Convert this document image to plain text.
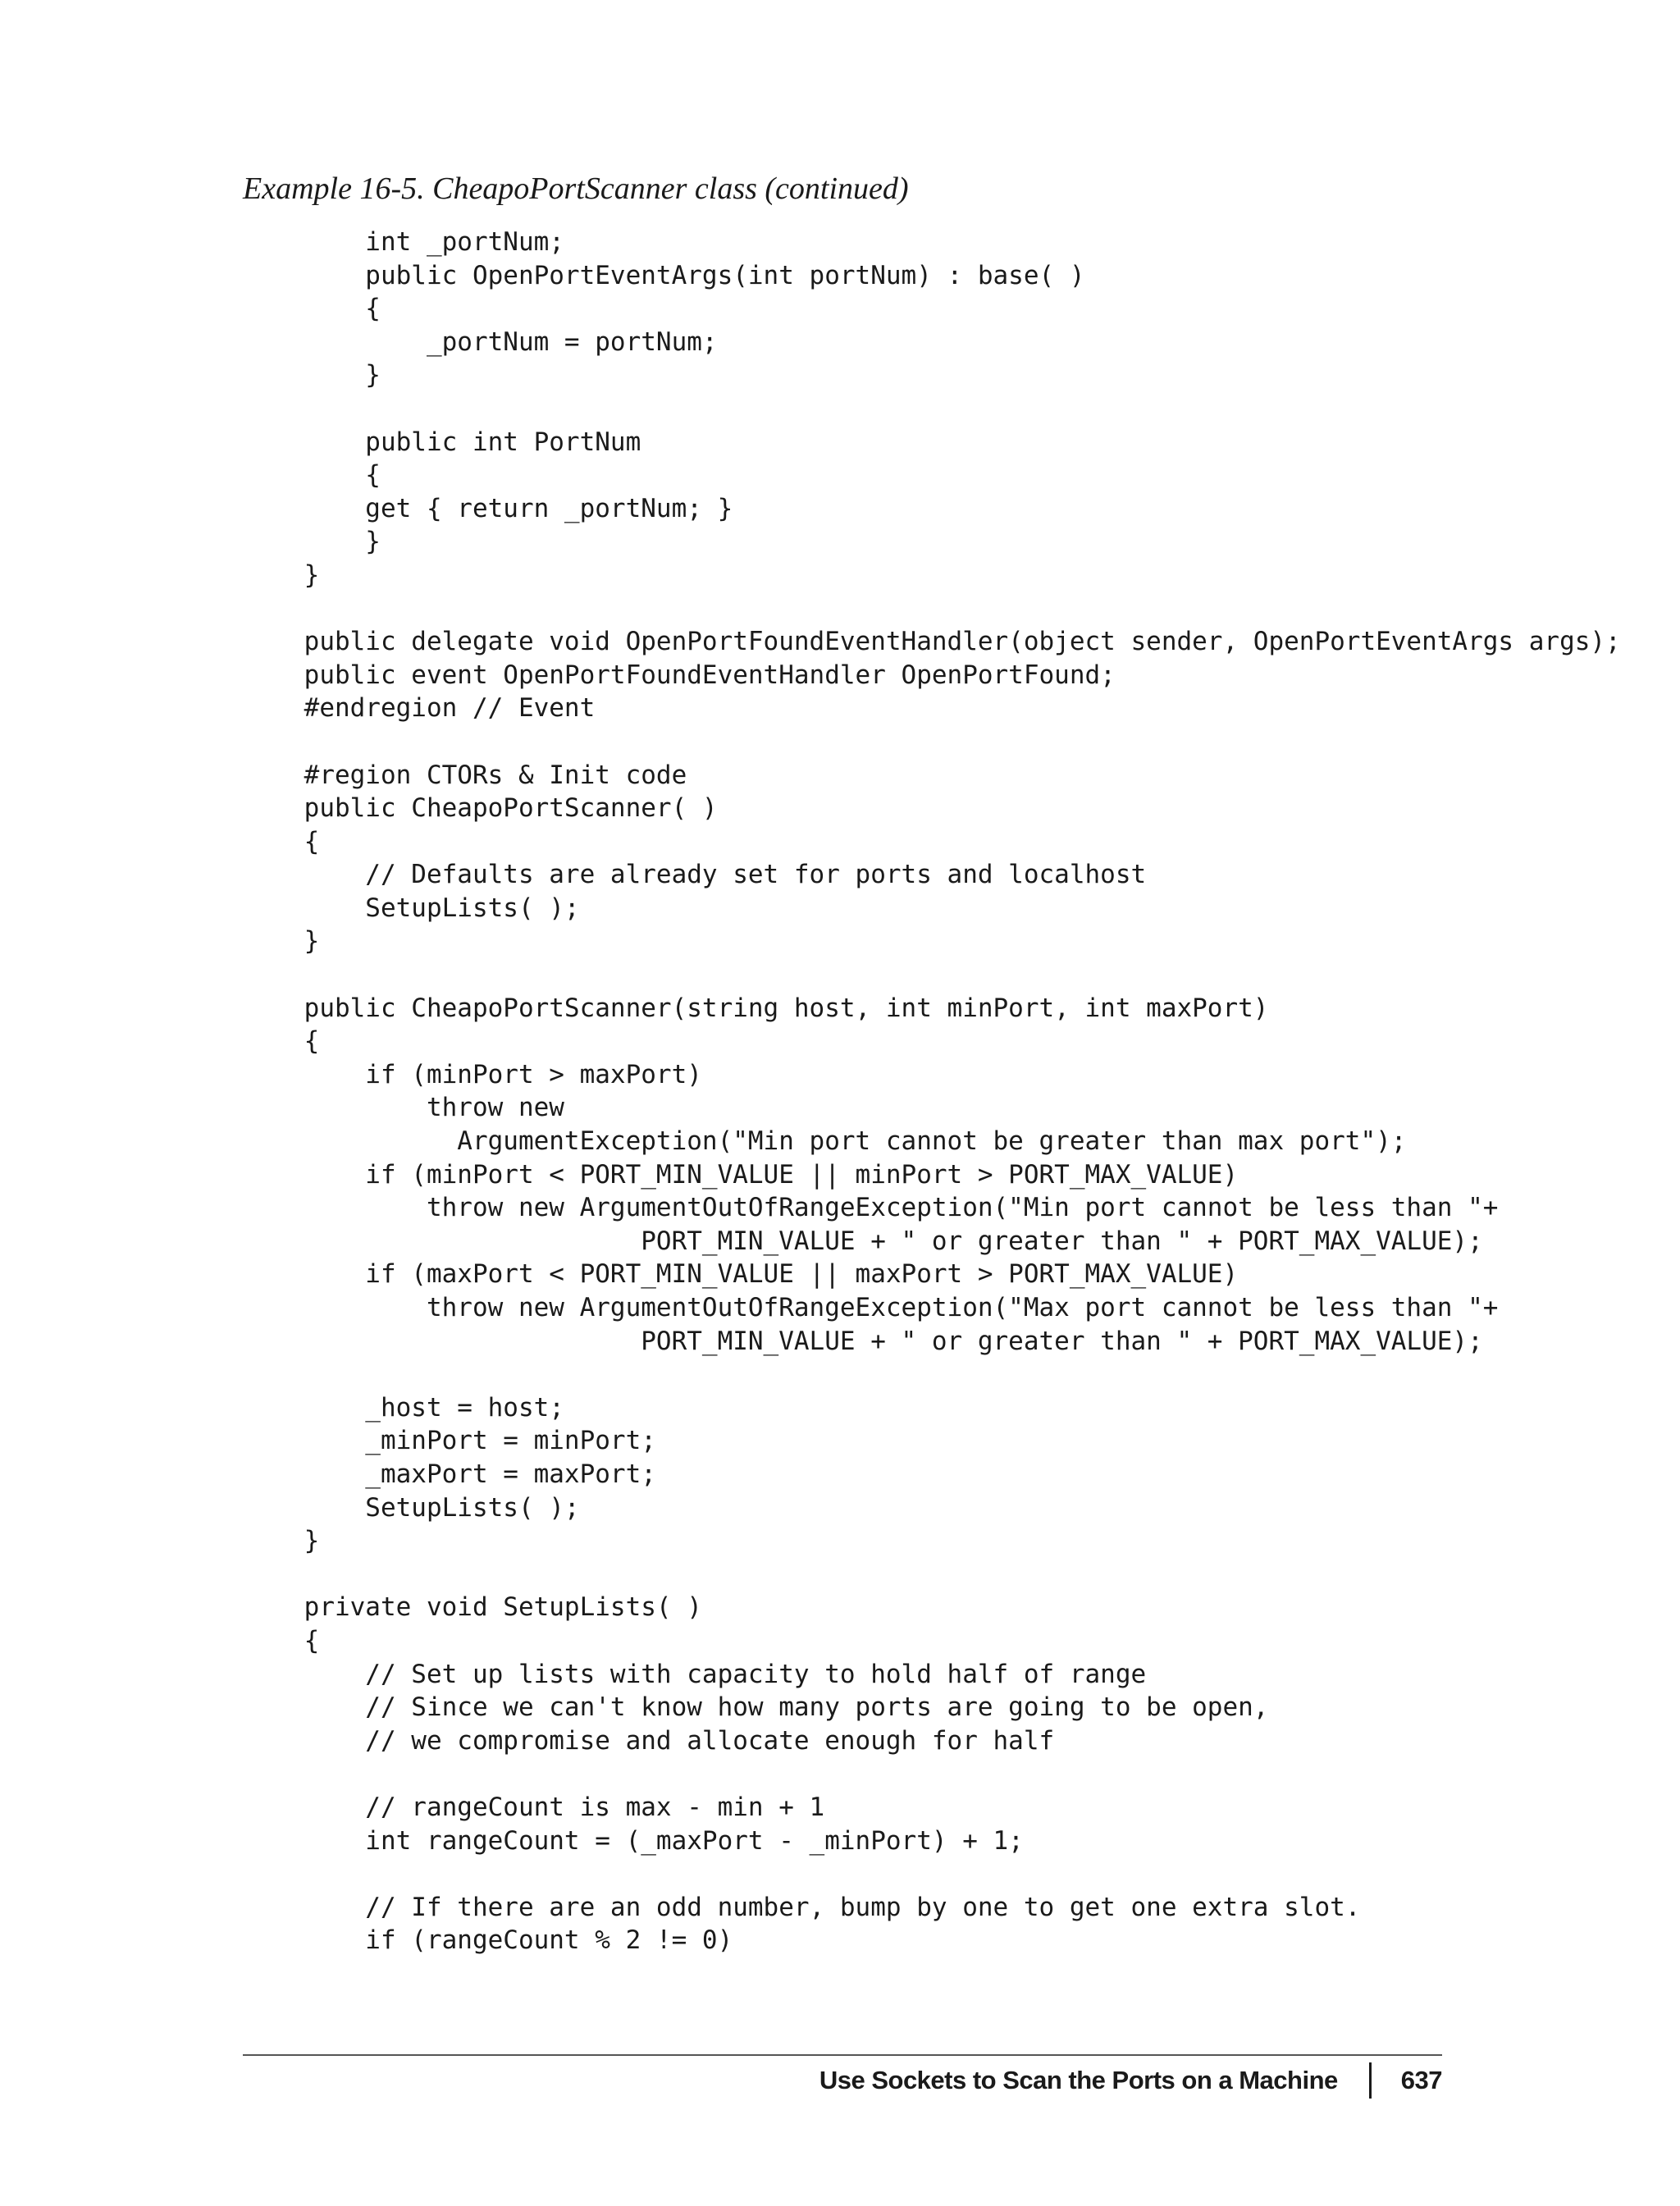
Example 16-5. CheapoPortScanner class (continued)

int _portNum;
public OpenPortEventArgs(int portNum) : base( )
{
_portNum = portNum;
}
public int PortNum
{
get { return _portNum; }
}
}
public delegate void OpenPortFoundEventHandler(object sender, OpenPortEventArgs args);
public event OpenPortFoundEventHandler OpenPortFound;
#endregion // Event
#region CTORs & Init code
public CheapoPortScanner( )
{
// Defaults are already set for ports and localhost
SetupLists( );
}
public CheapoPortScanner(string host, int minPort, int maxPort)
{
if (minPort > maxPort)
throw new
ArgumentException("Min port cannot be greater than max port");
if (minPort < PORT_MIN_VALUE || minPort > PORT_MAX_VALUE)
throw new ArgumentOutOfRangeException("Min port cannot be less than "+
PORT_MIN_VALUE + " or greater than " + PORT_MAX_VALUE);
if (maxPort < PORT_MIN_VALUE || maxPort > PORT_MAX_VALUE)
throw new ArgumentOutOfRangeException("Max port cannot be less than "+
PORT_MIN_VALUE + " or greater than " + PORT_MAX_VALUE);
_host = host;
_minPort = minPort;
_maxPort = maxPort;
SetupLists( );
}
private void SetupLists( )
{
// Set up lists with capacity to hold half of range
// Since we can't know how many ports are going to be open,
// we compromise and allocate enough for half
// rangeCount is max - min + 1
int rangeCount = (_maxPort - _minPort) + 1;
// If there are an odd number, bump by one to get one extra slot.
if (rangeCount % 2 != 0)
Use Sockets to Scan the Ports on a Machine 637
